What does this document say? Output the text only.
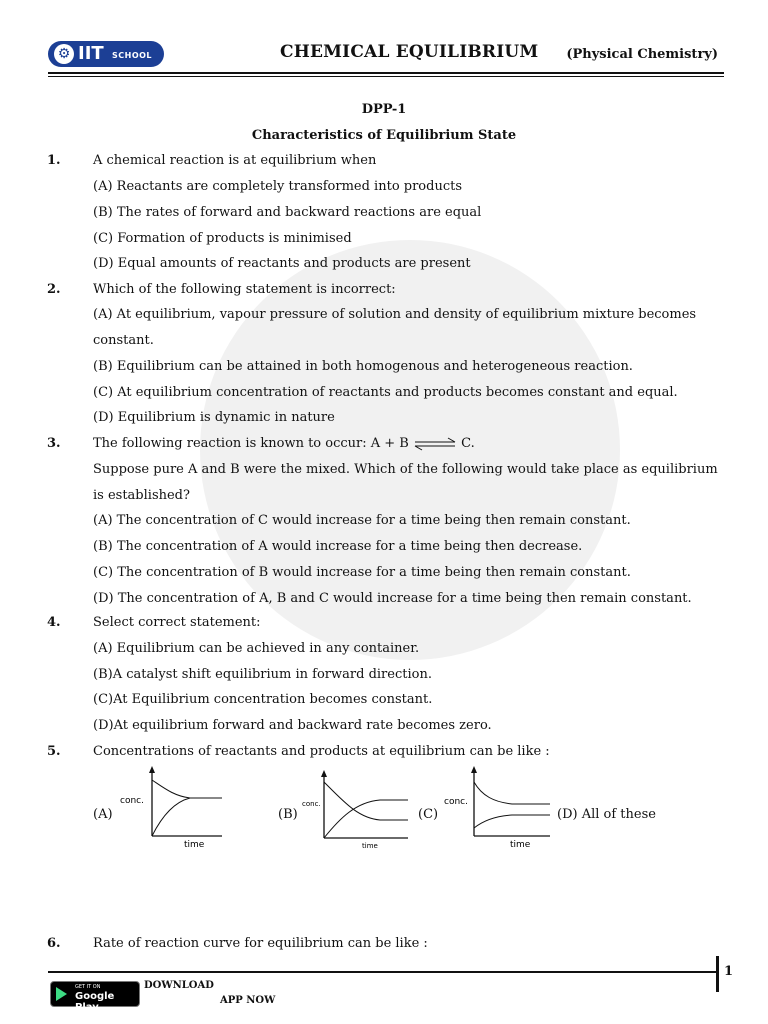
⚙ IIT SCHOOL	CHEMICAL EQUILIBRIUM (Physical Chemistry)
DPP-1
Characteristics of Equilibrium State
1. A chemical reaction is at equilibrium when
(A) Reactants are completely transformed into products
(B) The rates of forward and backward reactions are equal
(C) Formation of products is minimised
(D) Equal amounts of reactants and products are present
2. Which of the following statement is incorrect:
(A) At equilibrium, vapour pressure of solution and density of equilibrium mixture becomes
constant.
(B) Equilibrium can be attained in both homogenous and heterogeneous reaction.
(C) At equilibrium concentration of reactants and products becomes constant and equal.
(D) Equilibrium is dynamic in nature
3. The following reaction is known to occur: A + B ⇌ C.
Suppose pure A and B were the mixed. Which of the following would take place as equilibrium
is established?
(A) The concentration of C would increase for a time being then remain constant.
(B) The concentration of A would increase for a time being then decrease.
(C) The concentration of B would increase for a time being then remain constant.
(D) The concentration of A, B and C would increase for a time being then remain constant.
4. Select correct statement:
(A) Equilibrium can be achieved in any container.
(B)A catalyst shift equilibrium in forward direction.
(C)At Equilibrium concentration becomes constant.
(D)At equilibrium forward and backward rate becomes zero.
5. Concentrations of reactants and products at equilibrium can be like :
(A)
conc.
time
(B)
conc.
time
(C)
conc.
time
(D) All of these
6. Rate of reaction curve for equilibrium can be like :
1
GET IT ON
Google Play
DOWNLOAD
APP NOW
